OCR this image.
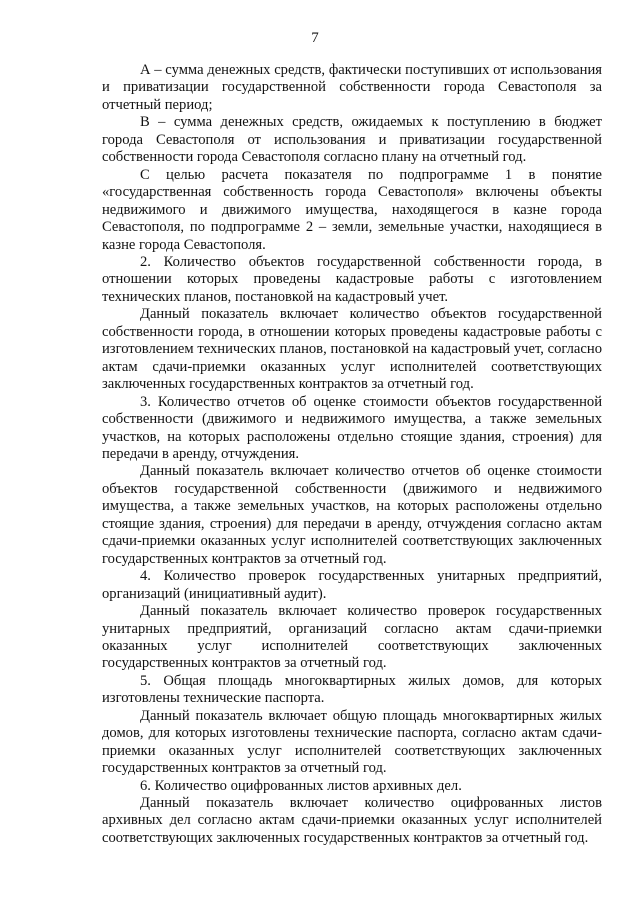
7

А – сумма денежных средств, фактически поступивших от использования и приватизации государственной собственности города Севастополя за отчетный период;

В – сумма денежных средств, ожидаемых к поступлению в бюджет города Севастополя от использования и приватизации государственной собственности города Севастополя согласно плану на отчетный год.

С целью расчета показателя по подпрограмме 1 в понятие «государственная собственность города Севастополя» включены объекты недвижимого и движимого имущества, находящегося в казне города Севастополя, по подпрограмме 2 – земли, земельные участки, находящиеся в казне города Севастополя.

2. Количество объектов государственной собственности города, в отношении которых проведены кадастровые работы с изготовлением технических планов, постановкой на кадастровый учет.

Данный показатель включает количество объектов государственной собственности города, в отношении которых проведены кадастровые работы с изготовлением технических планов, постановкой на кадастровый учет, согласно актам сдачи-приемки оказанных услуг исполнителей соответствующих заключенных государственных контрактов за отчетный год.

3. Количество отчетов об оценке стоимости объектов государственной собственности (движимого и недвижимого имущества, а также земельных участков, на которых расположены отдельно стоящие здания, строения) для передачи в аренду, отчуждения.

Данный показатель включает количество отчетов об оценке стоимости объектов государственной собственности (движимого и недвижимого имущества, а также земельных участков, на которых расположены отдельно стоящие здания, строения) для передачи в аренду, отчуждения согласно актам сдачи-приемки оказанных услуг исполнителей соответствующих заключенных государственных контрактов за отчетный год.

4. Количество проверок государственных унитарных предприятий, организаций (инициативный аудит).

Данный показатель включает количество проверок государственных унитарных предприятий, организаций согласно актам сдачи-приемки оказанных услуг исполнителей соответствующих заключенных государственных контрактов за отчетный год.

5. Общая площадь многоквартирных жилых домов, для которых изготовлены технические паспорта.

Данный показатель включает общую площадь многоквартирных жилых домов, для которых изготовлены технические паспорта, согласно актам сдачи-приемки оказанных услуг исполнителей соответствующих заключенных государственных контрактов за отчетный год.

6. Количество оцифрованных листов архивных дел.

Данный показатель включает количество оцифрованных листов архивных дел согласно актам сдачи-приемки оказанных услуг исполнителей соответствующих заключенных государственных контрактов за отчетный год.
